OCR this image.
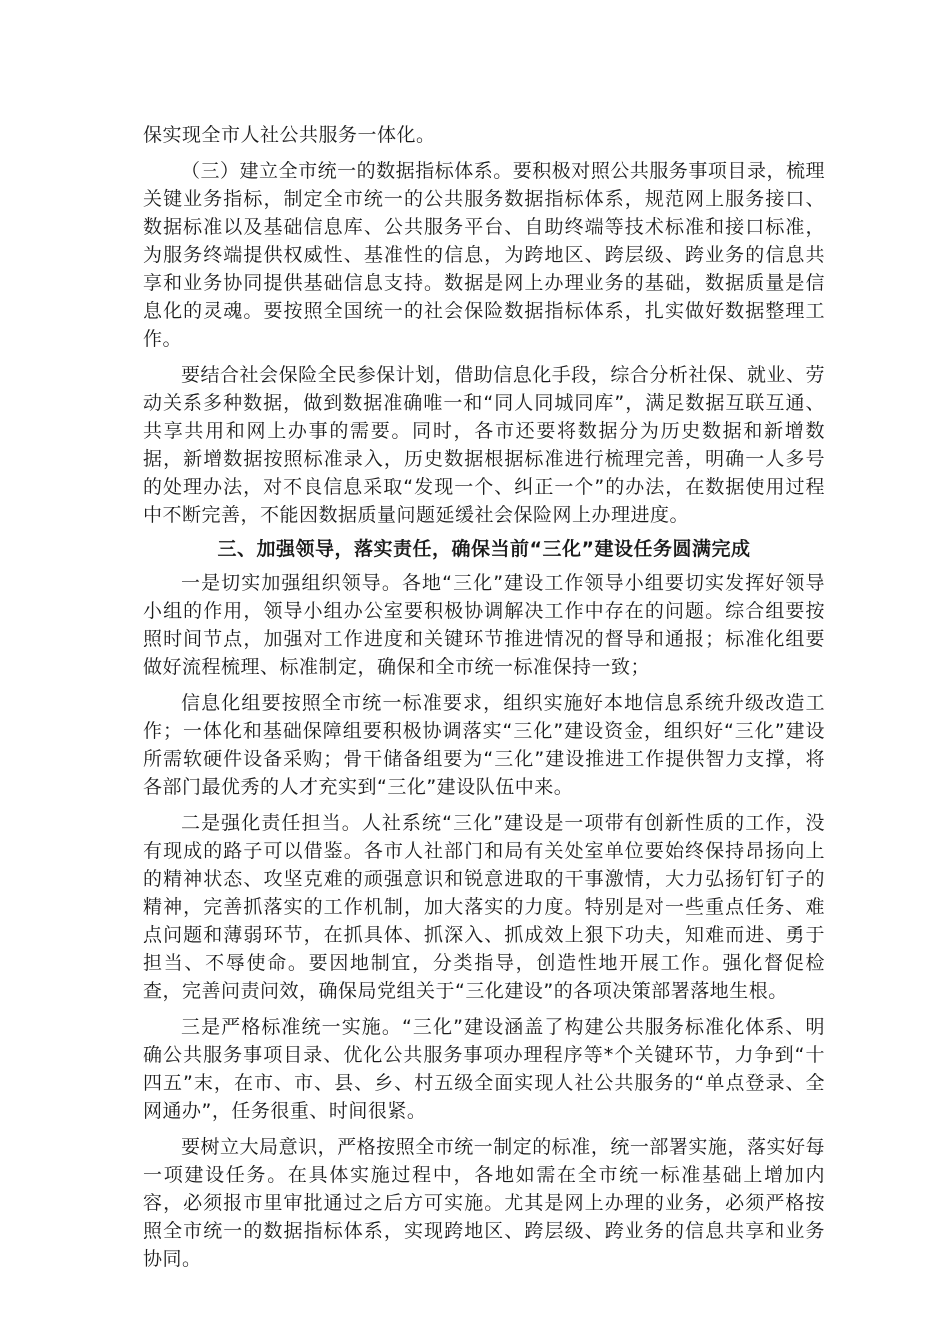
保实现全市人社公共服务一体化。

（三）建立全市统一的数据指标体系。要积极对照公共服务事项目录，梳理关键业务指标，制定全市统一的公共服务数据指标体系，规范网上服务接口、数据标准以及基础信息库、公共服务平台、自助终端等技术标准和接口标准，为服务终端提供权威性、基准性的信息，为跨地区、跨层级、跨业务的信息共享和业务协同提供基础信息支持。数据是网上办理业务的基础，数据质量是信息化的灵魂。要按照全国统一的社会保险数据指标体系，扎实做好数据整理工作。

要结合社会保险全民参保计划，借助信息化手段，综合分析社保、就业、劳动关系多种数据，做到数据准确唯一和“同人同城同库”，满足数据互联互通、共享共用和网上办事的需要。同时，各市还要将数据分为历史数据和新增数据，新增数据按照标准录入，历史数据根据标准进行梳理完善，明确一人多号的处理办法，对不良信息采取“发现一个、纠正一个”的办法，在数据使用过程中不断完善，不能因数据质量问题延缓社会保险网上办理进度。

三、加强领导，落实责任，确保当前“三化”建设任务圆满完成

一是切实加强组织领导。各地“三化”建设工作领导小组要切实发挥好领导小组的作用，领导小组办公室要积极协调解决工作中存在的问题。综合组要按照时间节点，加强对工作进度和关键环节推进情况的督导和通报；标准化组要做好流程梳理、标准制定，确保和全市统一标准保持一致；

信息化组要按照全市统一标准要求，组织实施好本地信息系统升级改造工作；一体化和基础保障组要积极协调落实“三化”建设资金，组织好“三化”建设所需软硬件设备采购；骨干储备组要为“三化”建设推进工作提供智力支撑，将各部门最优秀的人才充实到“三化”建设队伍中来。

二是强化责任担当。人社系统“三化”建设是一项带有创新性质的工作，没有现成的路子可以借鉴。各市人社部门和局有关处室单位要始终保持昂扬向上的精神状态、攻坚克难的顽强意识和锐意进取的干事激情，大力弘扬钉钉子的精神，完善抓落实的工作机制，加大落实的力度。特别是对一些重点任务、难点问题和薄弱环节，在抓具体、抓深入、抓成效上狠下功夫，知难而进、勇于担当、不辱使命。要因地制宜，分类指导，创造性地开展工作。强化督促检查，完善问责问效，确保局党组关于“三化建设”的各项决策部署落地生根。

三是严格标准统一实施。“三化”建设涵盖了构建公共服务标准化体系、明确公共服务事项目录、优化公共服务事项办理程序等*个关键环节，力争到“十四五”末，在市、市、县、乡、村五级全面实现人社公共服务的“单点登录、全网通办”，任务很重、时间很紧。

要树立大局意识，严格按照全市统一制定的标准，统一部署实施，落实好每一项建设任务。在具体实施过程中，各地如需在全市统一标准基础上增加内容，必须报市里审批通过之后方可实施。尤其是网上办理的业务，必须严格按照全市统一的数据指标体系，实现跨地区、跨层级、跨业务的信息共享和业务协同。
